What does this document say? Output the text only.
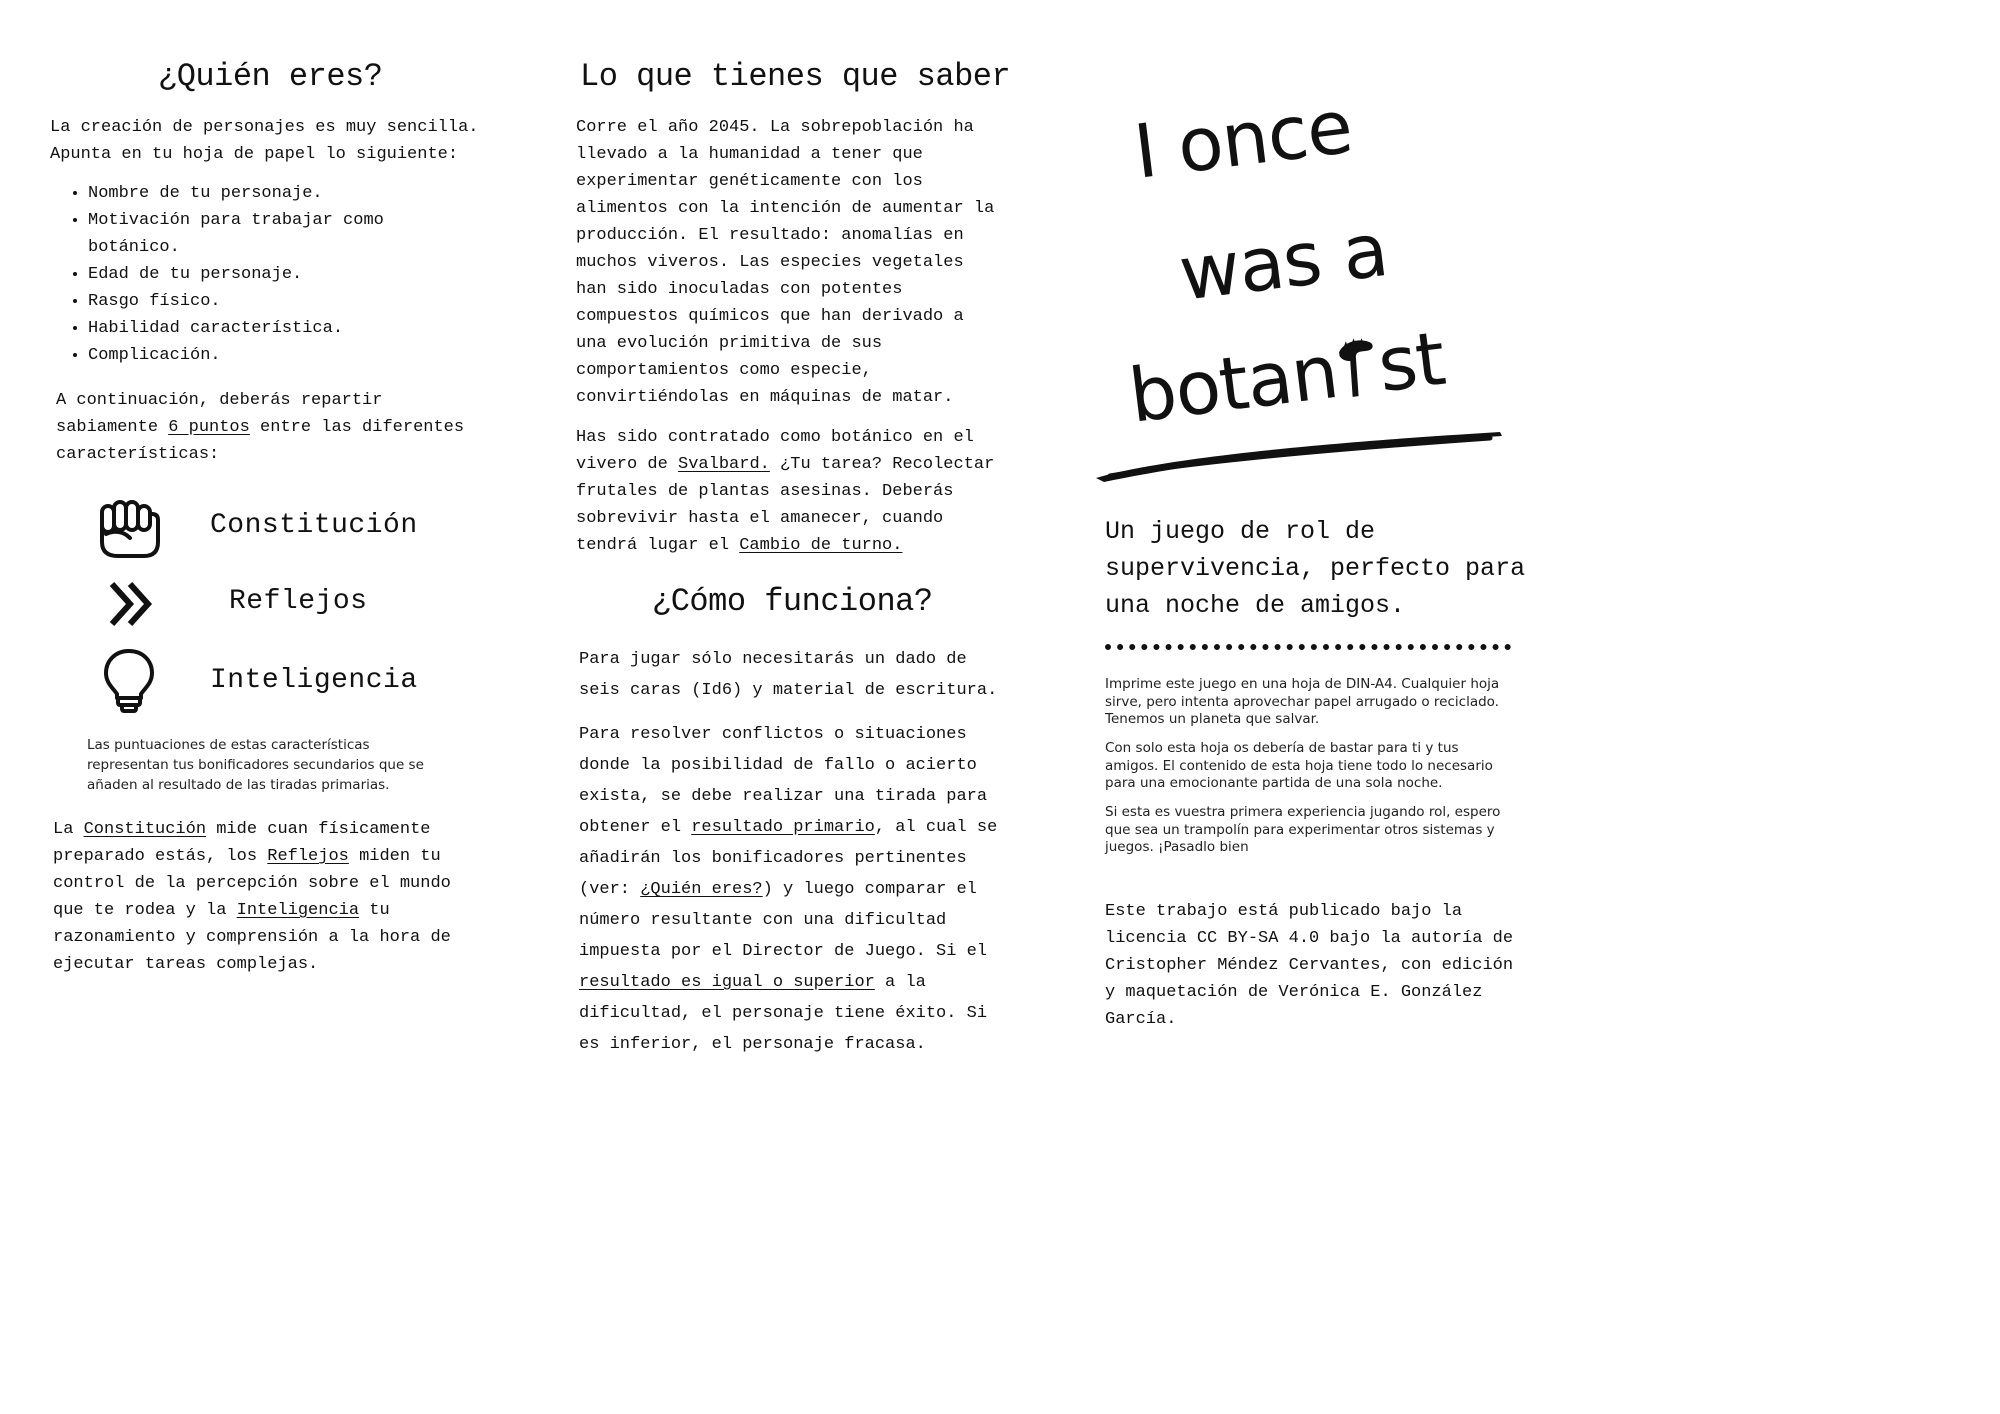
¿Quién eres?

La creación de personajes es muy sencilla.

Apunta en tu hoja de papel lo siguiente:

• Nombre de tu personaje.
• Motivación para trabajar como
botánico.
• Edad de tu personaje.
• Rasgo físico.
• Habilidad característica.
• Complicación.

A continuación, deberás repartir

sabiamente 6 puntos entre las diferentes

características:

Constitución
Reflejos
Inteligencia

Las puntuaciones de estas características

representan tus bonificadores secundarios que se

añaden al resultado de las tiradas primarias.

La Constitución mide cuan físicamente

preparado estás, los Reflejos miden tu

control de la percepción sobre el mundo

que te rodea y la Inteligencia tu

razonamiento y comprensión a la hora de

ejecutar tareas complejas.

Lo que tienes que saber

Corre el año 2045. La sobrepoblación ha

llevado a la humanidad a tener que

experimentar genéticamente con los

alimentos con la intención de aumentar la

producción. El resultado: anomalías en

muchos viveros. Las especies vegetales

han sido inoculadas con potentes

compuestos químicos que han derivado a

una evolución primitiva de sus

comportamientos como especie,

convirtiéndolas en máquinas de matar.

Has sido contratado como botánico en el

vivero de Svalbard. ¿Tu tarea? Recolectar

frutales de plantas asesinas. Deberás

sobrevivir hasta el amanecer, cuando

tendrá lugar el Cambio de turno.

¿Cómo funciona?

Para jugar sólo necesitarás un dado de

seis caras (Id6) y material de escritura.

Para resolver conflictos o situaciones

donde la posibilidad de fallo o acierto

exista, se debe realizar una tirada para

obtener el resultado primario, al cual se

añadirán los bonificadores pertinentes

(ver: ¿Quién eres?) y luego comparar el

número resultante con una dificultad

impuesta por el Director de Juego. Si el

resultado es igual o superior a la

dificultad, el personaje tiene éxito. Si

es inferior, el personaje fracasa.

I once
was a
botan st

Un juego de rol de

supervivencia, perfecto para

una noche de amigos.

Imprime este juego en una hoja de DIN-A4. Cualquier hoja

sirve, pero intenta aprovechar papel arrugado o reciclado.

Tenemos un planeta que salvar.

Con solo esta hoja os debería de bastar para ti y tus

amigos. El contenido de esta hoja tiene todo lo necesario

para una emocionante partida de una sola noche.

Si esta es vuestra primera experiencia jugando rol, espero

que sea un trampolín para experimentar otros sistemas y

juegos. ¡Pasadlo bien

Este trabajo está publicado bajo la

licencia CC BY-SA 4.0 bajo la autoría de

Cristopher Méndez Cervantes, con edición

y maquetación de Verónica E. González

García.
